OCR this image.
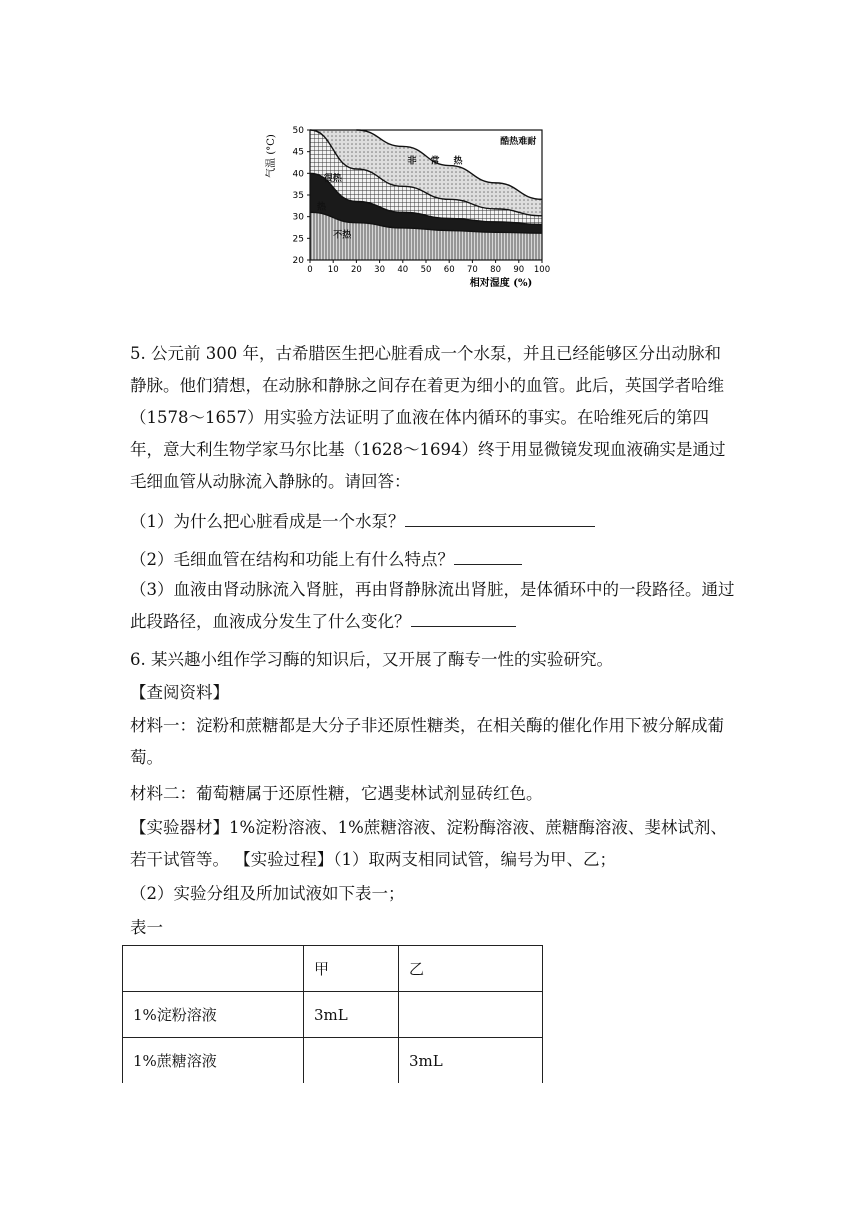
不热
热
很热
非常热
酷热难耐
0 10 20 30 40 50 60 70 80 90 100
20
25
30
35
40
45
50
气温 (°C)
相对湿度 (%)

5. 公元前 300 年，古希腊医生把心脏看成一个水泵，并且已经能够区分出动脉和静脉。他们猜想，在动脉和静脉之间存在着更为细小的血管。此后，英国学者哈维（1578～1657）用实验方法证明了血液在体内循环的事实。在哈维死后的第四年，意大利生物学家马尔比基（1628～1694）终于用显微镜发现血液确实是通过毛细血管从动脉流入静脉的。请回答：

（1）为什么把心脏看成是一个水泵？

（2）毛细血管在结构和功能上有什么特点？

（3）血液由肾动脉流入肾脏，再由肾静脉流出肾脏，是体循环中的一段路径。通过此段路径，血液成分发生了什么变化？

6. 某兴趣小组作学习酶的知识后，又开展了酶专一性的实验研究。

【查阅资料】

材料一：淀粉和蔗糖都是大分子非还原性糖类，在相关酶的催化作用下被分解成葡萄。

材料二：葡萄糖属于还原性糖，它遇斐林试剂显砖红色。

【实验器材】1%淀粉溶液、1%蔗糖溶液、淀粉酶溶液、蔗糖酶溶液、斐林试剂、若干试管等。 【实验过程】（1）取两支相同试管，编号为甲、乙；

（2）实验分组及所加试液如下表一；

表一

	甲	乙
1%淀粉溶液	3mL	
1%蔗糖溶液		3mL
